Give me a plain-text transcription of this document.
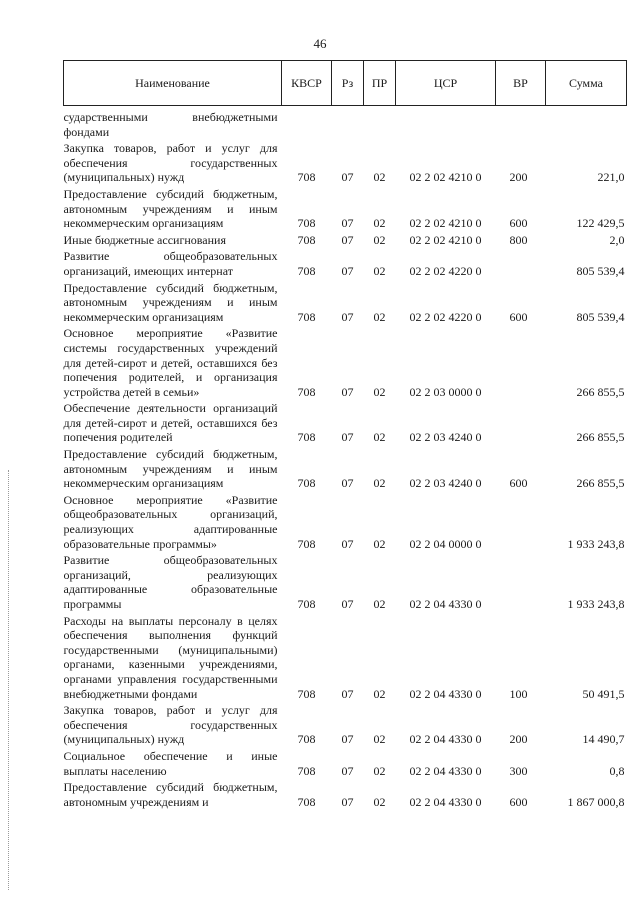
46
Наименование	КВСР	Рз	ПР	ЦСР	ВР	Сумма
сударственными внебюджетными фондами						
Закупка товаров, работ и услуг для обеспечения государственных (муниципальных) нужд	708	07	02	02 2 02 4210 0	200	221,0
Предоставление субсидий бюджетным, автономным учреждениям и иным некоммерческим организациям	708	07	02	02 2 02 4210 0	600	122 429,5
Иные бюджетные ассигнования	708	07	02	02 2 02 4210 0	800	2,0
Развитие общеобразовательных организаций, имеющих интернат	708	07	02	02 2 02 4220 0		805 539,4
Предоставление субсидий бюджетным, автономным учреждениям и иным некоммерческим организациям	708	07	02	02 2 02 4220 0	600	805 539,4
Основное мероприятие «Развитие системы государственных учреждений для детей-сирот и детей, оставшихся без попечения родителей, и организация устройства детей в семьи»	708	07	02	02 2 03 0000 0		266 855,5
Обеспечение деятельности организаций для детей-сирот и детей, оставшихся без попечения родителей	708	07	02	02 2 03 4240 0		266 855,5
Предоставление субсидий бюджетным, автономным учреждениям и иным некоммерческим организациям	708	07	02	02 2 03 4240 0	600	266 855,5
Основное мероприятие «Развитие общеобразовательных организаций, реализующих адаптированные образовательные программы»	708	07	02	02 2 04 0000 0		1 933 243,8
Развитие общеобразовательных организаций, реализующих адаптированные образовательные программы	708	07	02	02 2 04 4330 0		1 933 243,8
Расходы на выплаты персоналу в целях обеспечения выполнения функций государственными (муниципальными) органами, казенными учреждениями, органами управления государственными внебюджетными фондами	708	07	02	02 2 04 4330 0	100	50 491,5
Закупка товаров, работ и услуг для обеспечения государственных (муниципальных) нужд	708	07	02	02 2 04 4330 0	200	14 490,7
Социальное обеспечение и иные выплаты населению	708	07	02	02 2 04 4330 0	300	0,8
Предоставление субсидий бюджетным, автономным учреждениям и	708	07	02	02 2 04 4330 0	600	1 867 000,8
